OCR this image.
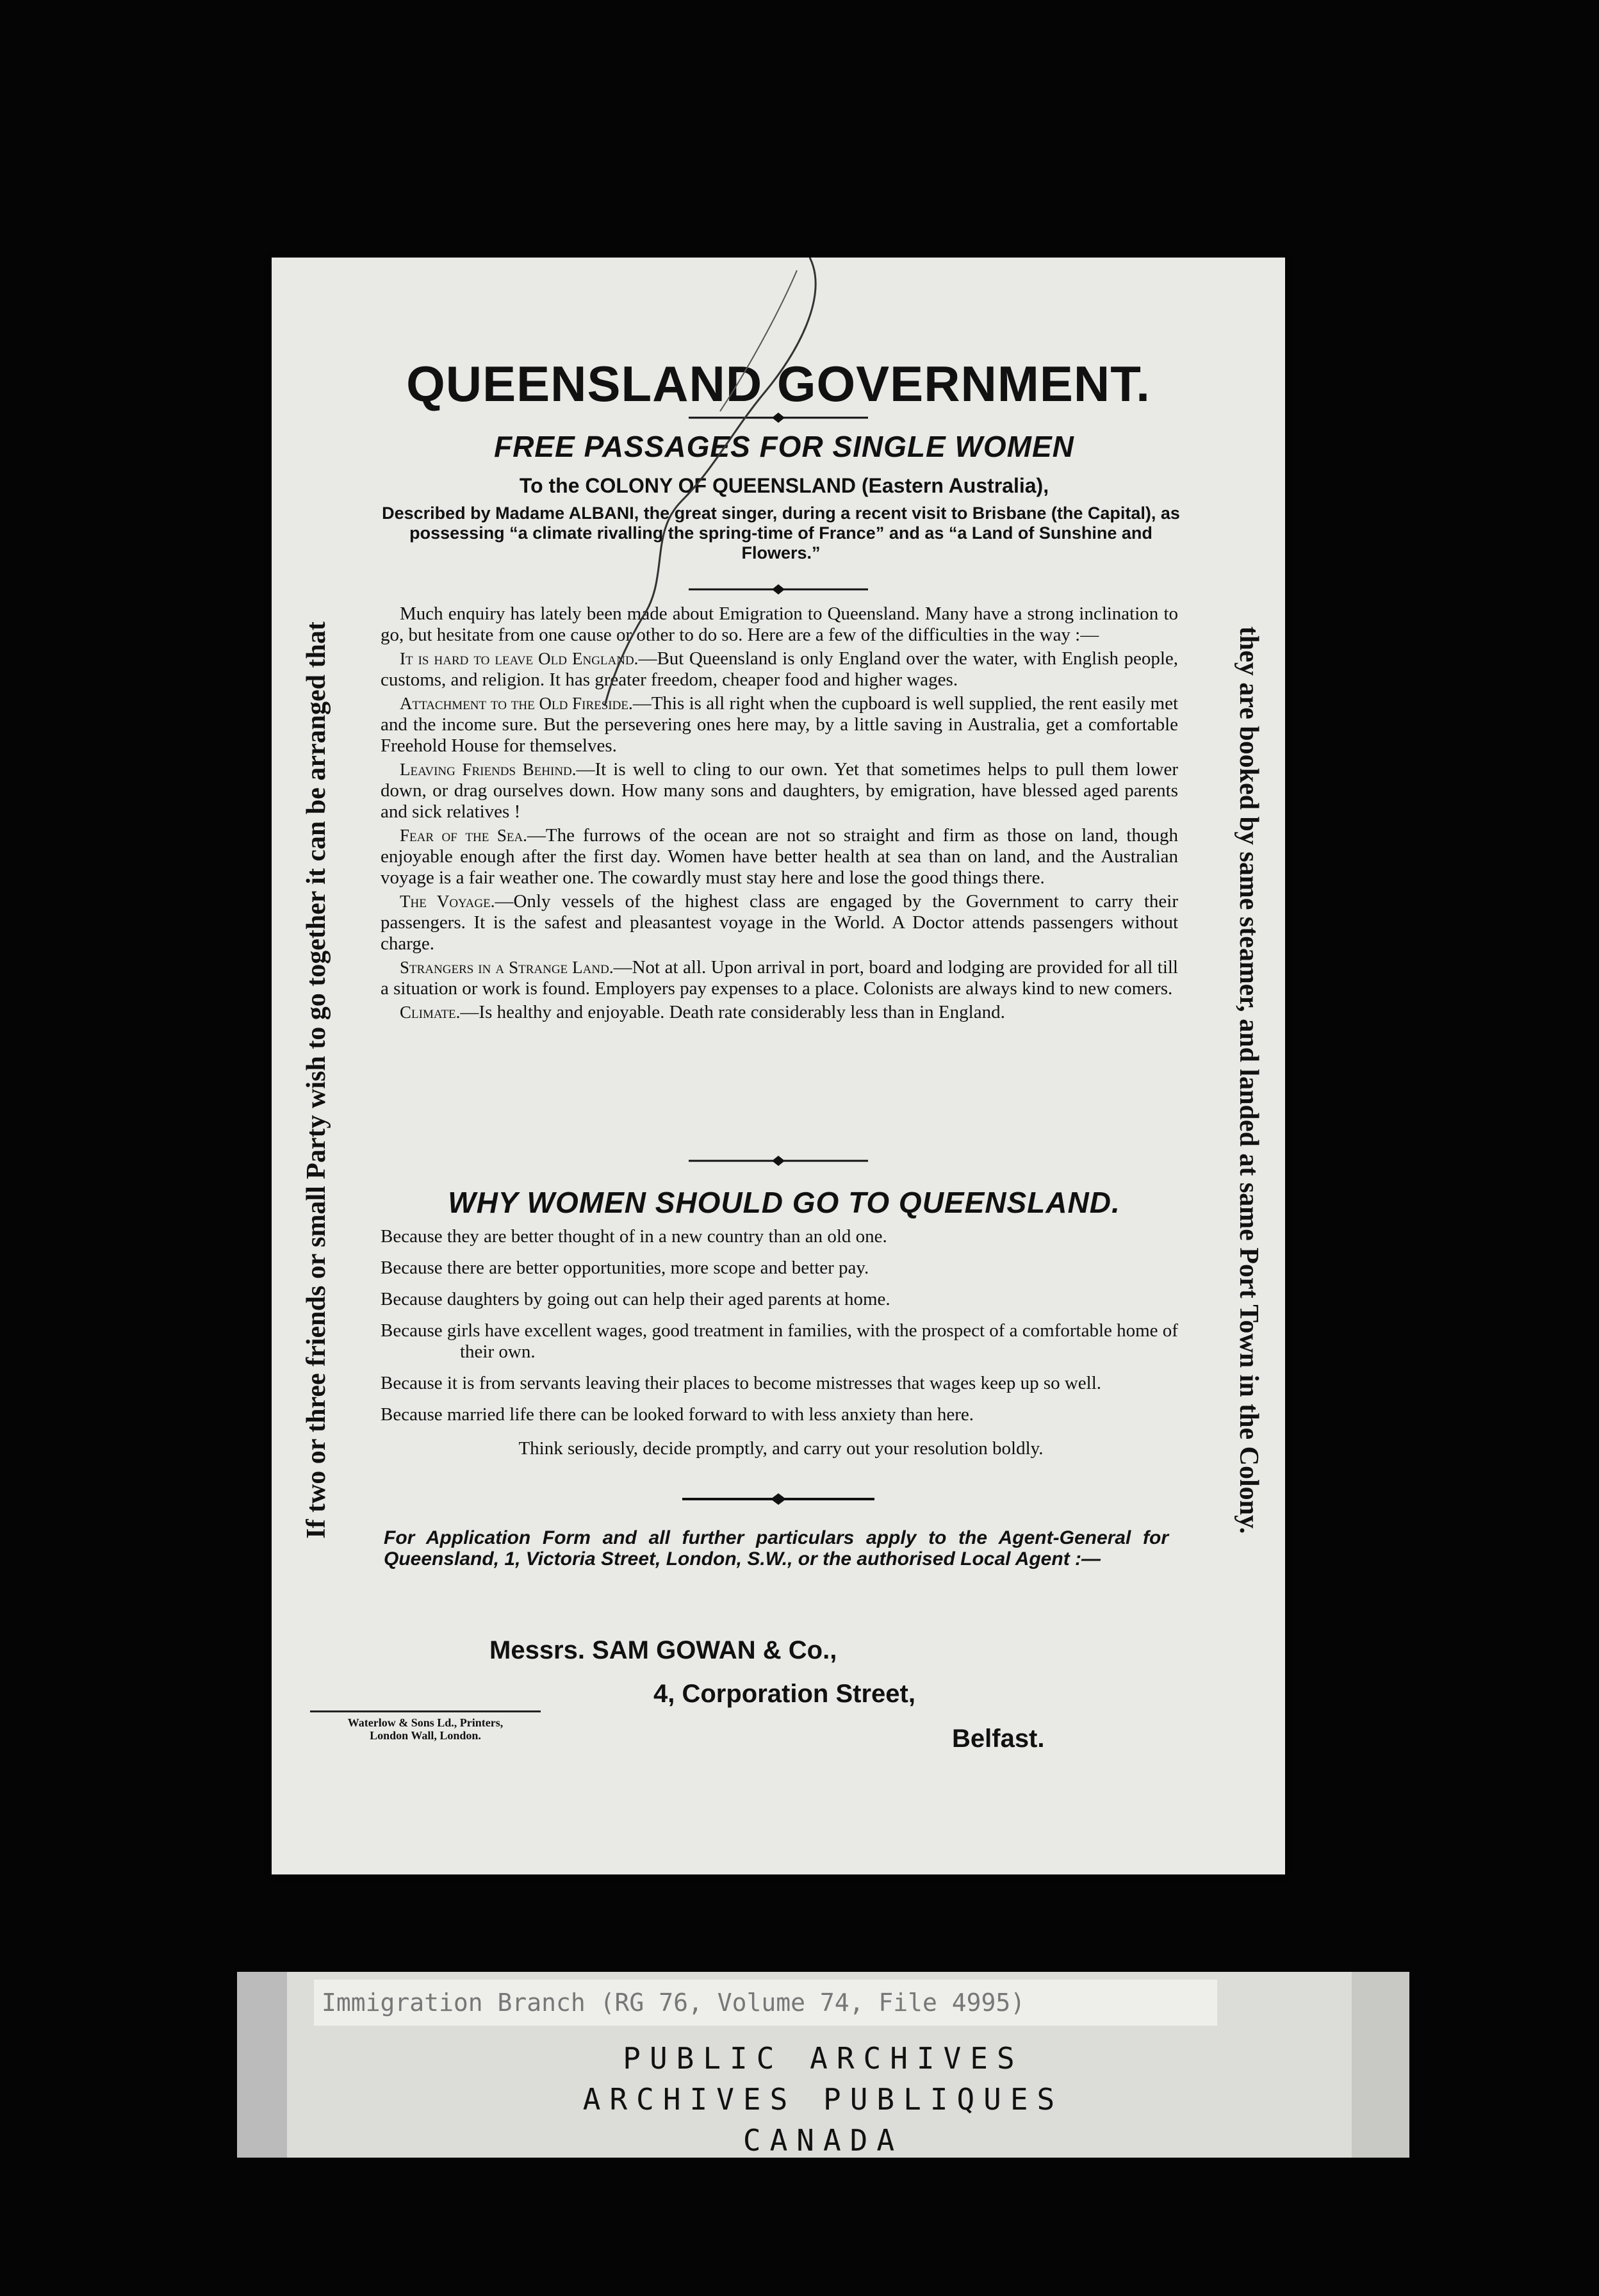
QUEENSLAND GOVERNMENT.
FREE PASSAGES FOR SINGLE WOMEN
To the COLONY OF QUEENSLAND (Eastern Australia),
Described by Madame ALBANI, the great singer, during a recent visit to Brisbane (the Capital), as possessing “a climate rivalling the spring-time of France” and as “a Land of Sunshine and Flowers.”

Much enquiry has lately been made about Emigration to Queensland. Many have a strong inclination to go, but hesitate from one cause or other to do so. Here are a few of the difficulties in the way :—

It is hard to leave Old England.—But Queensland is only England over the water, with English people, customs, and religion. It has greater freedom, cheaper food and higher wages.

Attachment to the Old Fireside.—This is all right when the cupboard is well supplied, the rent easily met and the income sure. But the persevering ones here may, by a little saving in Australia, get a comfortable Freehold House for themselves.

Leaving Friends Behind.—It is well to cling to our own. Yet that sometimes helps to pull them lower down, or drag ourselves down. How many sons and daughters, by emigration, have blessed aged parents and sick relatives !

Fear of the Sea.—The furrows of the ocean are not so straight and firm as those on land, though enjoyable enough after the first day. Women have better health at sea than on land, and the Australian voyage is a fair weather one. The cowardly must stay here and lose the good things there.

The Voyage.—Only vessels of the highest class are engaged by the Government to carry their passengers. It is the safest and pleasantest voyage in the World. A Doctor attends passengers without charge.

Strangers in a Strange Land.—Not at all. Upon arrival in port, board and lodging are provided for all till a situation or work is found. Employers pay expenses to a place. Colonists are always kind to new comers.

Climate.—Is healthy and enjoyable. Death rate considerably less than in England.

WHY WOMEN SHOULD GO TO QUEENSLAND.
Because they are better thought of in a new country than an old one.
Because there are better opportunities, more scope and better pay.
Because daughters by going out can help their aged parents at home.
Because girls have excellent wages, good treatment in families, with the prospect of a comfortable home of their own.
Because it is from servants leaving their places to become mistresses that wages keep up so well.
Because married life there can be looked forward to with less anxiety than here.
Think seriously, decide promptly, and carry out your resolution boldly.
For Application Form and all further particulars apply to the Agent-General for Queensland, 1, Victoria Street, London, S.W., or the authorised Local Agent :—
Messrs. SAM GOWAN & Co.,
4, Corporation Street,
Belfast.
Waterlow & Sons Ld., Printers,
London Wall, London.
If two or three friends or small Party wish to go together it can be arranged that	they are booked by same steamer, and landed at same Port Town in the Colony.
Immigration Branch (RG 76, Volume 74, File 4995)
PUBLIC ARCHIVES
ARCHIVES PUBLIQUES
CANADA
